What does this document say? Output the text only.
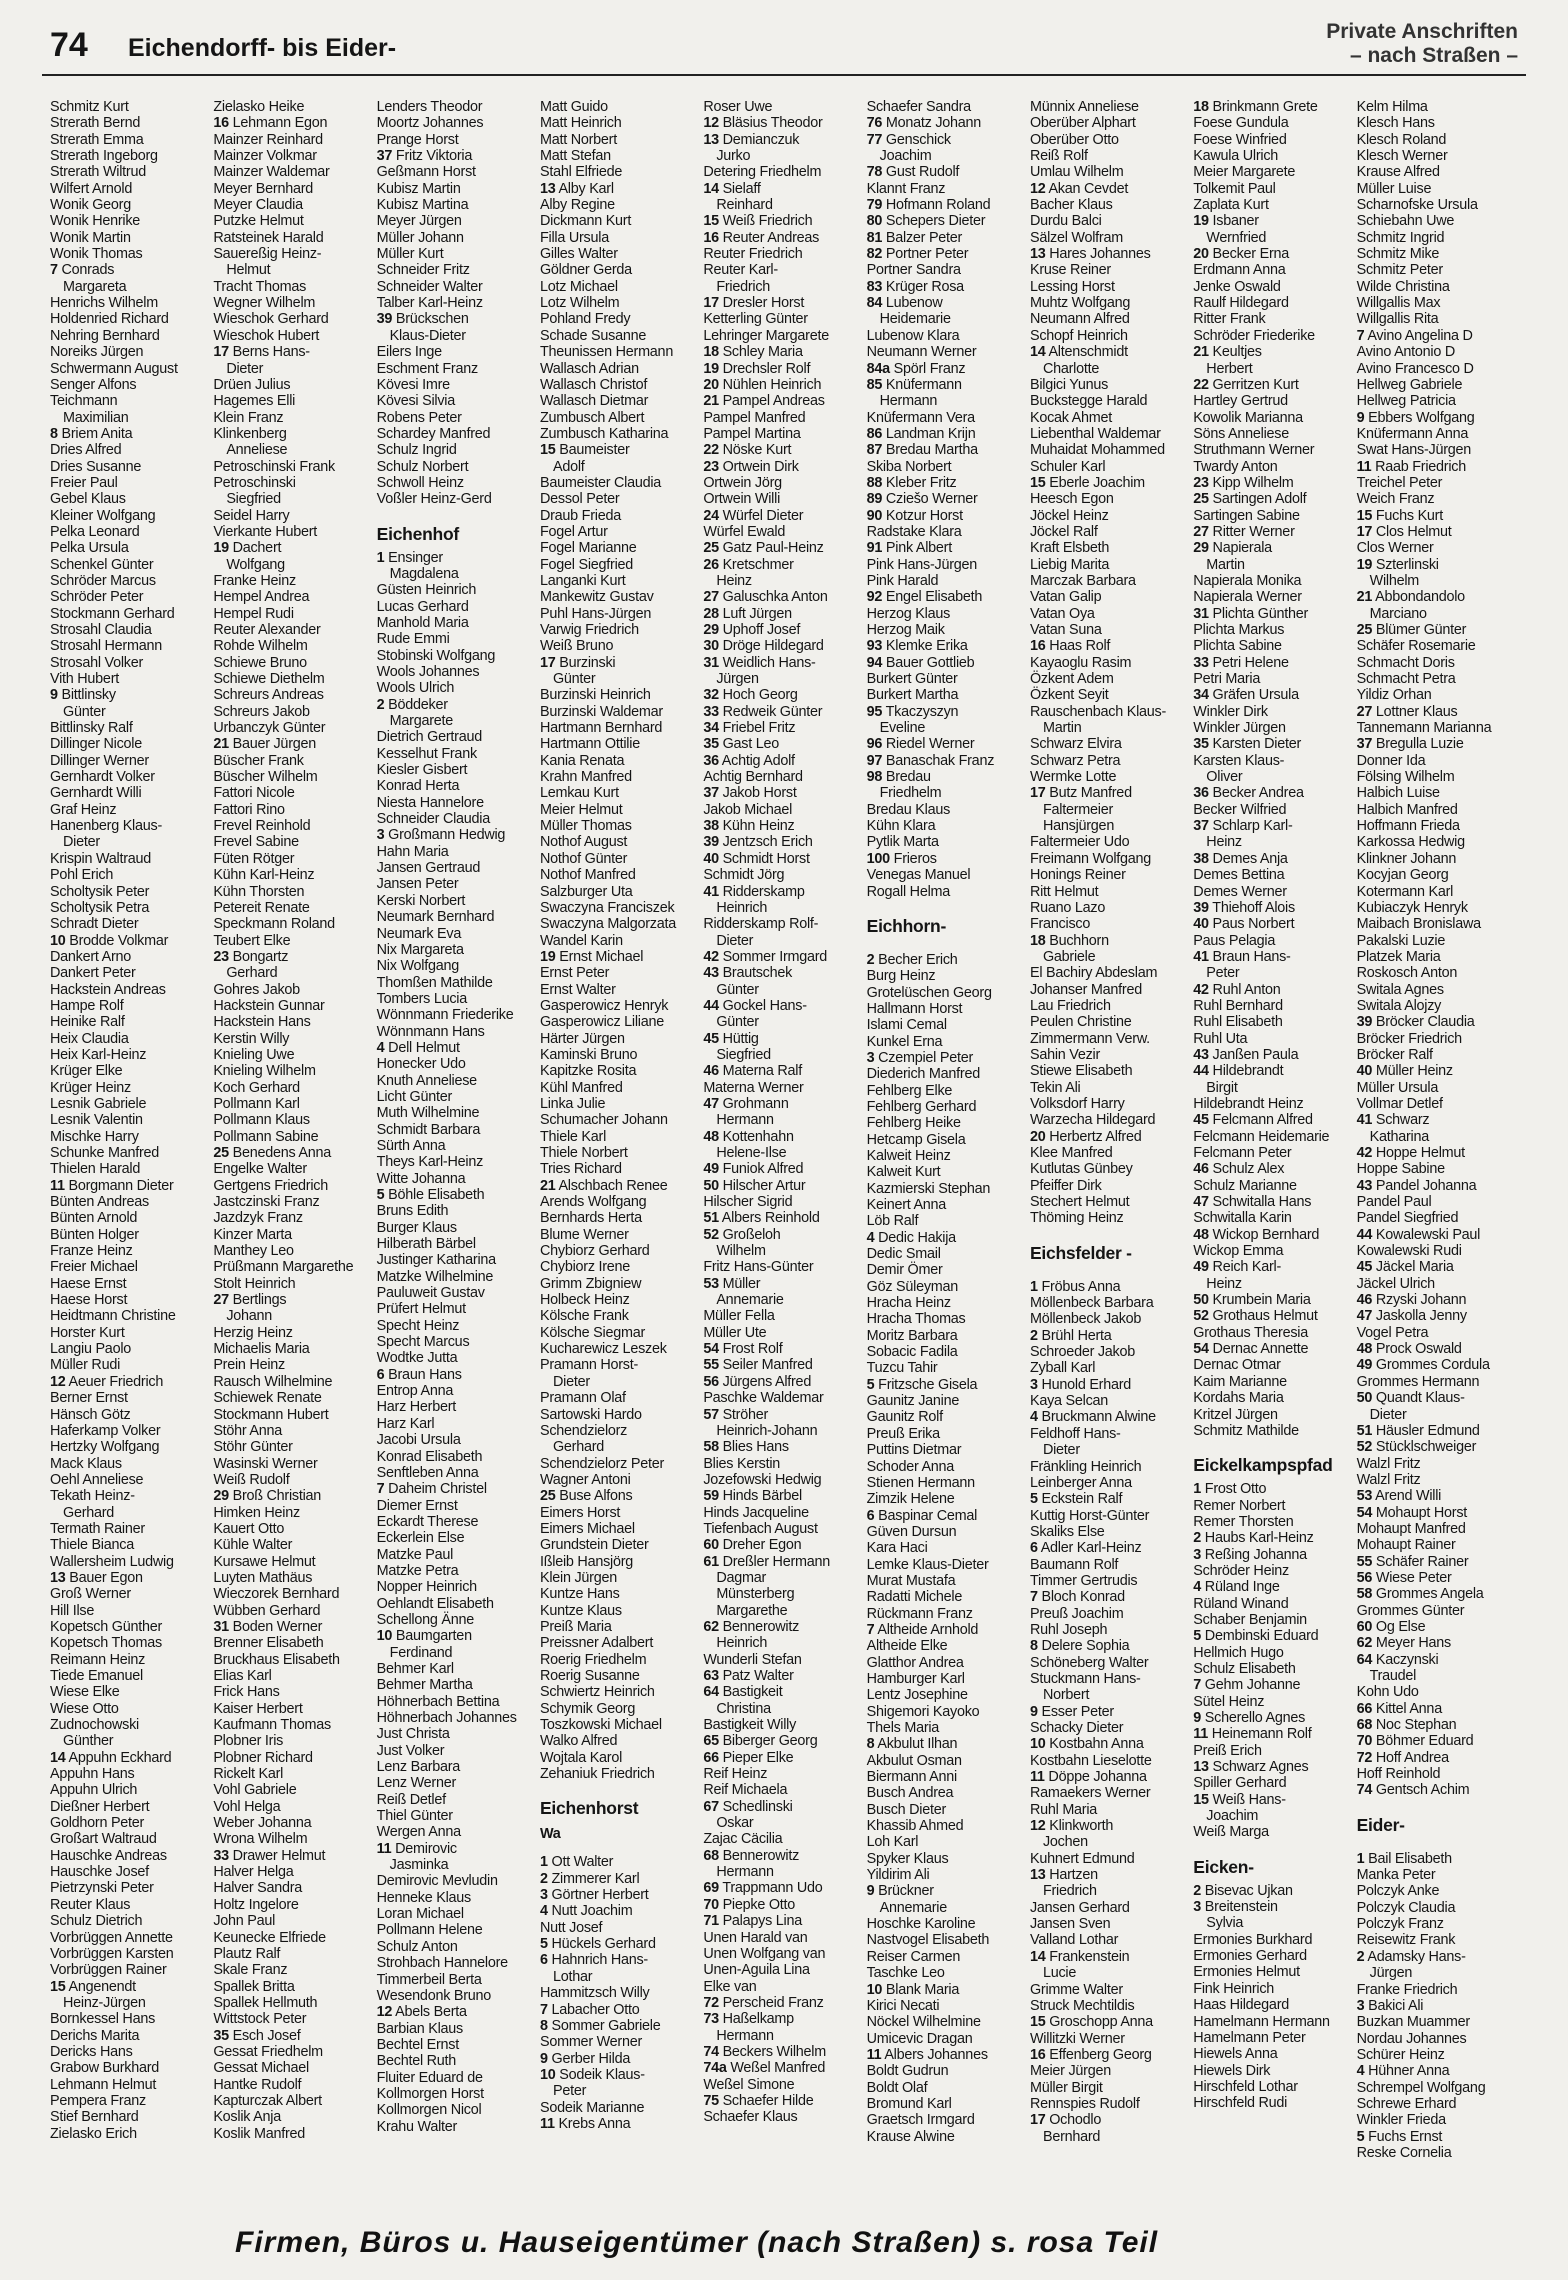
74 Eichendorff- bis Eider-
Private Anschriften
– nach Straßen –
Schmitz Kurt
Strerath Bernd
Strerath Emma
Strerath Ingeborg
Strerath Wiltrud
Wilfert Arnold
Wonik Georg
Wonik Henrike
Wonik Martin
Wonik Thomas
7 Conrads
Margareta
Henrichs Wilhelm
Holdenried Richard
Nehring Bernhard
Noreiks Jürgen
Schwermann August
Senger Alfons
Teichmann
Maximilian
8 Briem Anita
Dries Alfred
Dries Susanne
Freier Paul
Gebel Klaus
Kleiner Wolfgang
Pelka Leonard
Pelka Ursula
Schenkel Günter
Schröder Marcus
Schröder Peter
Stockmann Gerhard
Strosahl Claudia
Strosahl Hermann
Strosahl Volker
Vith Hubert
9 Bittlinsky
Günter
Bittlinsky Ralf
Dillinger Nicole
Dillinger Werner
Gernhardt Volker
Gernhardt Willi
Graf Heinz
Hanenberg Klaus-
Dieter
Krispin Waltraud
Pohl Erich
Scholtysik Peter
Scholtysik Petra
Schradt Dieter
10 Brodde Volkmar
Dankert Arno
Dankert Peter
Hackstein Andreas
Hampe Rolf
Heinike Ralf
Heix Claudia
Heix Karl-Heinz
Krüger Elke
Krüger Heinz
Lesnik Gabriele
Lesnik Valentin
Mischke Harry
Schunke Manfred
Thielen Harald
11 Borgmann Dieter
Bünten Andreas
Bünten Arnold
Bünten Holger
Franze Heinz
Freier Michael
Haese Ernst
Haese Horst
Heidtmann Christine
Horster Kurt
Langiu Paolo
Müller Rudi
12 Aeuer Friedrich
Berner Ernst
Hänsch Götz
Haferkamp Volker
Hertzky Wolfgang
Mack Klaus
Oehl Anneliese
Tekath Heinz-
Gerhard
Termath Rainer
Thiele Bianca
Wallersheim Ludwig
13 Bauer Egon
Groß Werner
Hill Ilse
Kopetsch Günther
Kopetsch Thomas
Reimann Heinz
Tiede Emanuel
Wiese Elke
Wiese Otto
Zudnochowski
Günther
14 Appuhn Eckhard
Appuhn Hans
Appuhn Ulrich
Dießner Herbert
Goldhorn Peter
Großart Waltraud
Hauschke Andreas
Hauschke Josef
Pietrzynski Peter
Reuter Klaus
Schulz Dietrich
Vorbrüggen Annette
Vorbrüggen Karsten
Vorbrüggen Rainer
15 Angenendt
Heinz-Jürgen
Bornkessel Hans
Derichs Marita
Dericks Hans
Grabow Burkhard
Lehmann Helmut
Pempera Franz
Stief Bernhard
Zielasko Erich
Zielasko Heike
16 Lehmann Egon
Mainzer Reinhard
Mainzer Volkmar
Mainzer Waldemar
Meyer Bernhard
Meyer Claudia
Putzke Helmut
Ratsteinek Harald
Sauereßig Heinz-
Helmut
Tracht Thomas
Wegner Wilhelm
Wieschok Gerhard
Wieschok Hubert
17 Berns Hans-
Dieter
Drüen Julius
Hagemes Elli
Klein Franz
Klinkenberg
Anneliese
Petroschinski Frank
Petroschinski
Siegfried
Seidel Harry
Vierkante Hubert
19 Dachert
Wolfgang
Franke Heinz
Hempel Andrea
Hempel Rudi
Reuter Alexander
Rohde Wilhelm
Schiewe Bruno
Schiewe Diethelm
Schreurs Andreas
Schreurs Jakob
Urbanczyk Günter
21 Bauer Jürgen
Büscher Frank
Büscher Wilhelm
Fattori Nicole
Fattori Rino
Frevel Reinhold
Frevel Sabine
Füten Rötger
Kühn Karl-Heinz
Kühn Thorsten
Petereit Renate
Speckmann Roland
Teubert Elke
23 Bongartz
Gerhard
Gohres Jakob
Hackstein Gunnar
Hackstein Hans
Kerstin Willy
Knieling Uwe
Knieling Wilhelm
Koch Gerhard
Pollmann Karl
Pollmann Klaus
Pollmann Sabine
25 Benedens Anna
Engelke Walter
Gertgens Friedrich
Jastczinski Franz
Jazdzyk Franz
Kinzer Marta
Manthey Leo
Prüßmann Margarethe
Stolt Heinrich
27 Bertlings
Johann
Herzig Heinz
Michaelis Maria
Prein Heinz
Rausch Wilhelmine
Schiewek Renate
Stockmann Hubert
Stöhr Anna
Stöhr Günter
Wasinski Werner
Weiß Rudolf
29 Broß Christian
Himken Heinz
Kauert Otto
Kühle Walter
Kursawe Helmut
Luyten Mathäus
Wieczorek Bernhard
Wübben Gerhard
31 Boden Werner
Brenner Elisabeth
Bruckhaus Elisabeth
Elias Karl
Frick Hans
Kaiser Herbert
Kaufmann Thomas
Plobner Iris
Plobner Richard
Rickelt Karl
Vohl Gabriele
Vohl Helga
Weber Johanna
Wrona Wilhelm
33 Drawer Helmut
Halver Helga
Halver Sandra
Holtz Ingelore
John Paul
Keunecke Elfriede
Plautz Ralf
Skale Franz
Spallek Britta
Spallek Hellmuth
Wittstock Peter
35 Esch Josef
Gessat Friedhelm
Gessat Michael
Hantke Rudolf
Kapturczak Albert
Koslik Anja
Koslik Manfred
Lenders Theodor
Moortz Johannes
Prange Horst
37 Fritz Viktoria
Geßmann Horst
Kubisz Martin
Kubisz Martina
Meyer Jürgen
Müller Johann
Müller Kurt
Schneider Fritz
Schneider Walter
Talber Karl-Heinz
39 Brückschen
Klaus-Dieter
Eilers Inge
Eschment Franz
Kövesi Imre
Kövesi Silvia
Robens Peter
Schardey Manfred
Schulz Ingrid
Schulz Norbert
Schwoll Heinz
Voßler Heinz-Gerd
Eichenhof
1 Ensinger
Magdalena
Güsten Heinrich
Lucas Gerhard
Manhold Maria
Rude Emmi
Stobinski Wolfgang
Wools Johannes
Wools Ulrich
2 Böddeker
Margarete
Dietrich Gertraud
Kesselhut Frank
Kiesler Gisbert
Konrad Herta
Niesta Hannelore
Schneider Claudia
3 Großmann Hedwig
Hahn Maria
Jansen Gertraud
Jansen Peter
Kerski Norbert
Neumark Bernhard
Neumark Eva
Nix Margareta
Nix Wolfgang
Thomßen Mathilde
Tombers Lucia
Wönnmann Friederike
Wönnmann Hans
4 Dell Helmut
Honecker Udo
Knuth Anneliese
Licht Günter
Muth Wilhelmine
Schmidt Barbara
Sürth Anna
Theys Karl-Heinz
Witte Johanna
5 Böhle Elisabeth
Bruns Edith
Burger Klaus
Hilberath Bärbel
Justinger Katharina
Matzke Wilhelmine
Pauluweit Gustav
Prüfert Helmut
Specht Heinz
Specht Marcus
Wodtke Jutta
6 Braun Hans
Entrop Anna
Harz Herbert
Harz Karl
Jacobi Ursula
Konrad Elisabeth
Senftleben Anna
7 Daheim Christel
Diemer Ernst
Eckardt Therese
Eckerlein Else
Matzke Paul
Matzke Petra
Nopper Heinrich
Oehlandt Elisabeth
Schellong Änne
10 Baumgarten
Ferdinand
Behmer Karl
Behmer Martha
Höhnerbach Bettina
Höhnerbach Johannes
Just Christa
Just Volker
Lenz Barbara
Lenz Werner
Reiß Detlef
Thiel Günter
Wergen Anna
11 Demirovic
Jasminka
Demirovic Mevludin
Henneke Klaus
Loran Michael
Pollmann Helene
Schulz Anton
Strohbach Hannelore
Timmerbeil Berta
Wesendonk Bruno
12 Abels Berta
Barbian Klaus
Bechtel Ernst
Bechtel Ruth
Fluiter Eduard de
Kollmorgen Horst
Kollmorgen Nicol
Krahu Walter
Matt Guido
Matt Heinrich
Matt Norbert
Matt Stefan
Stahl Elfriede
13 Alby Karl
Alby Regine
Dickmann Kurt
Filla Ursula
Gilles Walter
Göldner Gerda
Lotz Michael
Lotz Wilhelm
Pohland Fredy
Schade Susanne
Theunissen Hermann
Wallasch Adrian
Wallasch Christof
Wallasch Dietmar
Zumbusch Albert
Zumbusch Katharina
15 Baumeister
Adolf
Baumeister Claudia
Dessol Peter
Draub Frieda
Fogel Artur
Fogel Marianne
Fogel Siegfried
Langanki Kurt
Mankewitz Gustav
Puhl Hans-Jürgen
Varwig Friedrich
Weiß Bruno
17 Burzinski
Günter
Burzinski Heinrich
Burzinski Waldemar
Hartmann Bernhard
Hartmann Ottilie
Kania Renata
Krahn Manfred
Lemkau Kurt
Meier Helmut
Müller Thomas
Nothof August
Nothof Günter
Nothof Manfred
Salzburger Uta
Swaczyna Franciszek
Swaczyna Malgorzata
Wandel Karin
19 Ernst Michael
Ernst Peter
Ernst Walter
Gasperowicz Henryk
Gasperowicz Liliane
Härter Jürgen
Kaminski Bruno
Kapitzke Rosita
Kühl Manfred
Linka Julie
Schumacher Johann
Thiele Karl
Thiele Norbert
Tries Richard
21 Alschbach Renee
Arends Wolfgang
Bernhards Herta
Blume Werner
Chybiorz Gerhard
Chybiorz Irene
Grimm Zbigniew
Holbeck Heinz
Kölsche Frank
Kölsche Siegmar
Kucharewicz Leszek
Pramann Horst-
Dieter
Pramann Olaf
Sartowski Hardo
Schendzielorz
Gerhard
Schendzielorz Peter
Wagner Antoni
25 Buse Alfons
Eimers Horst
Eimers Michael
Grundstein Dieter
Ißleib Hansjörg
Klein Jürgen
Kuntze Hans
Kuntze Klaus
Preiß Maria
Preissner Adalbert
Roerig Friedhelm
Roerig Susanne
Schwiertz Heinrich
Schymik Georg
Toszkowski Michael
Walko Alfred
Wojtala Karol
Zehaniuk Friedrich
Eichenhorst
Wa
1 Ott Walter
2 Zimmerer Karl
3 Görtner Herbert
4 Nutt Joachim
Nutt Josef
5 Hückels Gerhard
6 Hahnrich Hans-
Lothar
Hammitzsch Willy
7 Labacher Otto
8 Sommer Gabriele
Sommer Werner
9 Gerber Hilda
10 Sodeik Klaus-
Peter
Sodeik Marianne
11 Krebs Anna
Roser Uwe
12 Bläsius Theodor
13 Demianczuk
Jurko
Detering Friedhelm
14 Sielaff
Reinhard
15 Weiß Friedrich
16 Reuter Andreas
Reuter Friedrich
Reuter Karl-
Friedrich
17 Dresler Horst
Ketterling Günter
Lehringer Margarete
18 Schley Maria
19 Drechsler Rolf
20 Nühlen Heinrich
21 Pampel Andreas
Pampel Manfred
Pampel Martina
22 Nöske Kurt
23 Ortwein Dirk
Ortwein Jörg
Ortwein Willi
24 Würfel Dieter
Würfel Ewald
25 Gatz Paul-Heinz
26 Kretschmer
Heinz
27 Galuschka Anton
28 Luft Jürgen
29 Uphoff Josef
30 Dröge Hildegard
31 Weidlich Hans-
Jürgen
32 Hoch Georg
33 Redweik Günter
34 Friebel Fritz
35 Gast Leo
36 Achtig Adolf
Achtig Bernhard
37 Jakob Horst
Jakob Michael
38 Kühn Heinz
39 Jentzsch Erich
40 Schmidt Horst
Schmidt Jörg
41 Ridderskamp
Heinrich
Ridderskamp Rolf-
Dieter
42 Sommer Irmgard
43 Brautschek
Günter
44 Gockel Hans-
Günter
45 Hüttig
Siegfried
46 Materna Ralf
Materna Werner
47 Grohmann
Hermann
48 Kottenhahn
Helene-Ilse
49 Funiok Alfred
50 Hilscher Artur
Hilscher Sigrid
51 Albers Reinhold
52 Großeloh
Wilhelm
Fritz Hans-Günter
53 Müller
Annemarie
Müller Fella
Müller Ute
54 Frost Rolf
55 Seiler Manfred
56 Jürgens Alfred
Paschke Waldemar
57 Ströher
Heinrich-Johann
58 Blies Hans
Blies Kerstin
Jozefowski Hedwig
59 Hinds Bärbel
Hinds Jacqueline
Tiefenbach August
60 Dreher Egon
61 Dreßler Hermann
Dagmar
Münsterberg
Margarethe
62 Bennerowitz
Heinrich
Wunderli Stefan
63 Patz Walter
64 Bastigkeit
Christina
Bastigkeit Willy
65 Biberger Georg
66 Pieper Elke
Reif Heinz
Reif Michaela
67 Schedlinski
Oskar
Zajac Cäcilia
68 Bennerowitz
Hermann
69 Trappmann Udo
70 Piepke Otto
71 Palapys Lina
Unen Harald van
Unen Wolfgang van
Unen-Aguila Lina
Elke van
72 Perscheid Franz
73 Haßelkamp
Hermann
74 Beckers Wilhelm
74a Weßel Manfred
Weßel Simone
75 Schaefer Hilde
Schaefer Klaus
Schaefer Sandra
76 Monatz Johann
77 Genschick
Joachim
78 Gust Rudolf
Klannt Franz
79 Hofmann Roland
80 Schepers Dieter
81 Balzer Peter
82 Portner Peter
Portner Sandra
83 Krüger Rosa
84 Lubenow
Heidemarie
Lubenow Klara
Neumann Werner
84a Spörl Franz
85 Knüfermann
Hermann
Knüfermann Vera
86 Landman Krijn
87 Bredau Martha
Skiba Norbert
88 Kleber Fritz
89 Cziešo Werner
90 Kotzur Horst
Radstake Klara
91 Pink Albert
Pink Hans-Jürgen
Pink Harald
92 Engel Elisabeth
Herzog Klaus
Herzog Maik
93 Klemke Erika
94 Bauer Gottlieb
Burkert Günter
Burkert Martha
95 Tkaczyszyn
Eveline
96 Riedel Werner
97 Banaschak Franz
98 Bredau
Friedhelm
Bredau Klaus
Kühn Klara
Pytlik Marta
100 Frieros
Venegas Manuel
Rogall Helma
Eichhorn-
2 Becher Erich
Burg Heinz
Grotelüschen Georg
Hallmann Horst
Islami Cemal
Kunkel Erna
3 Czempiel Peter
Diederich Manfred
Fehlberg Elke
Fehlberg Gerhard
Fehlberg Heike
Hetcamp Gisela
Kalweit Heinz
Kalweit Kurt
Kazmierski Stephan
Keinert Anna
Löb Ralf
4 Dedic Hakija
Dedic Smail
Demir Ömer
Göz Süleyman
Hracha Heinz
Hracha Thomas
Moritz Barbara
Sobacic Fadila
Tuzcu Tahir
5 Fritzsche Gisela
Gaunitz Janine
Gaunitz Rolf
Preuß Erika
Puttins Dietmar
Schoder Anna
Stienen Hermann
Zimzik Helene
6 Baspinar Cemal
Güven Dursun
Kara Haci
Lemke Klaus-Dieter
Murat Mustafa
Radatti Michele
Rückmann Franz
7 Altheide Arnhold
Altheide Elke
Glatthor Andrea
Hamburger Karl
Lentz Josephine
Shigemori Kayoko
Thels Maria
8 Akbulut Ilhan
Akbulut Osman
Biermann Anni
Busch Andrea
Busch Dieter
Khassib Ahmed
Loh Karl
Spyker Klaus
Yildirim Ali
9 Brückner
Annemarie
Hoschke Karoline
Nastvogel Elisabeth
Reiser Carmen
Taschke Leo
10 Blank Maria
Kirici Necati
Nöckel Wilhelmine
Umicevic Dragan
11 Albers Johannes
Boldt Gudrun
Boldt Olaf
Bromund Karl
Graetsch Irmgard
Krause Alwine
Münnix Anneliese
Oberüber Alphart
Oberüber Otto
Reiß Rolf
Umlau Wilhelm
12 Akan Cevdet
Bacher Klaus
Durdu Balci
Sälzel Wolfram
13 Hares Johannes
Kruse Reiner
Lessing Horst
Muhtz Wolfgang
Neumann Alfred
Schopf Heinrich
14 Altenschmidt
Charlotte
Bilgici Yunus
Buckstegge Harald
Kocak Ahmet
Liebenthal Waldemar
Muhaidat Mohammed
Schuler Karl
15 Eberle Joachim
Heesch Egon
Jöckel Heinz
Jöckel Ralf
Kraft Elsbeth
Liebig Marita
Marczak Barbara
Vatan Galip
Vatan Oya
Vatan Suna
16 Haas Rolf
Kayaoglu Rasim
Özkent Adem
Özkent Seyit
Rauschenbach Klaus-
Martin
Schwarz Elvira
Schwarz Petra
Wermke Lotte
17 Butz Manfred
Faltermeier
Hansjürgen
Faltermeier Udo
Freimann Wolfgang
Honings Reiner
Ritt Helmut
Ruano Lazo
Francisco
18 Buchhorn
Gabriele
El Bachiry Abdeslam
Johanser Manfred
Lau Friedrich
Peulen Christine
Zimmermann Verw.
Sahin Vezir
Stiewe Elisabeth
Tekin Ali
Volksdorf Harry
Warzecha Hildegard
20 Herbertz Alfred
Klee Manfred
Kutlutas Günbey
Pfeiffer Dirk
Stechert Helmut
Thöming Heinz
Eichsfelder -
1 Fröbus Anna
Möllenbeck Barbara
Möllenbeck Jakob
2 Brühl Herta
Schroeder Jakob
Zyball Karl
3 Hunold Erhard
Kaya Selcan
4 Bruckmann Alwine
Feldhoff Hans-
Dieter
Fränkling Heinrich
Leinberger Anna
5 Eckstein Ralf
Kuttig Horst-Günter
Skaliks Else
6 Adler Karl-Heinz
Baumann Rolf
Timmer Gertrudis
7 Bloch Konrad
Preuß Joachim
Ruhl Joseph
8 Delere Sophia
Schöneberg Walter
Stuckmann Hans-
Norbert
9 Esser Peter
Schacky Dieter
10 Kostbahn Anna
Kostbahn Lieselotte
11 Döppe Johanna
Ramaekers Werner
Ruhl Maria
12 Klinkworth
Jochen
Kuhnert Edmund
13 Hartzen
Friedrich
Jansen Gerhard
Jansen Sven
Valland Lothar
14 Frankenstein
Lucie
Grimme Walter
Struck Mechtildis
15 Groschopp Anna
Willitzki Werner
16 Effenberg Georg
Meier Jürgen
Müller Birgit
Rennspies Rudolf
17 Ochodlo
Bernhard
18 Brinkmann Grete
Foese Gundula
Foese Winfried
Kawula Ulrich
Meier Margarete
Tolkemit Paul
Zaplata Kurt
19 Isbaner
Wernfried
20 Becker Erna
Erdmann Anna
Jenke Oswald
Raulf Hildegard
Ritter Frank
Schröder Friederike
21 Keultjes
Herbert
22 Gerritzen Kurt
Hartley Gertrud
Kowolik Marianna
Söns Anneliese
Struthmann Werner
Twardy Anton
23 Kipp Wilhelm
25 Sartingen Adolf
Sartingen Sabine
27 Ritter Werner
29 Napierala
Martin
Napierala Monika
Napierala Werner
31 Plichta Günther
Plichta Markus
Plichta Sabine
33 Petri Helene
Petri Maria
34 Gräfen Ursula
Winkler Dirk
Winkler Jürgen
35 Karsten Dieter
Karsten Klaus-
Oliver
36 Becker Andrea
Becker Wilfried
37 Schlarp Karl-
Heinz
38 Demes Anja
Demes Bettina
Demes Werner
39 Thiehoff Alois
40 Paus Norbert
Paus Pelagia
41 Braun Hans-
Peter
42 Ruhl Anton
Ruhl Bernhard
Ruhl Elisabeth
Ruhl Uta
43 Janßen Paula
44 Hildebrandt
Birgit
Hildebrandt Heinz
45 Felcmann Alfred
Felcmann Heidemarie
Felcmann Peter
46 Schulz Alex
Schulz Marianne
47 Schwitalla Hans
Schwitalla Karin
48 Wickop Bernhard
Wickop Emma
49 Reich Karl-
Heinz
50 Krumbein Maria
52 Grothaus Helmut
Grothaus Theresia
54 Dernac Annette
Dernac Otmar
Kaim Marianne
Kordahs Maria
Kritzel Jürgen
Schmitz Mathilde
Eickelkampspfad
1 Frost Otto
Remer Norbert
Remer Thorsten
2 Haubs Karl-Heinz
3 Reßing Johanna
Schröder Heinz
4 Rüland Inge
Rüland Winand
Schaber Benjamin
5 Dembinski Eduard
Hellmich Hugo
Schulz Elisabeth
7 Gehm Johanne
Sütel Heinz
9 Scherello Agnes
11 Heinemann Rolf
Preiß Erich
13 Schwarz Agnes
Spiller Gerhard
15 Weiß Hans-
Joachim
Weiß Marga
Eicken-
2 Bisevac Ujkan
3 Breitenstein
Sylvia
Ermonies Burkhard
Ermonies Gerhard
Ermonies Helmut
Fink Heinrich
Haas Hildegard
Hamelmann Hermann
Hamelmann Peter
Hiewels Anna
Hiewels Dirk
Hirschfeld Lothar
Hirschfeld Rudi
Kelm Hilma
Klesch Hans
Klesch Roland
Klesch Werner
Krause Alfred
Müller Luise
Scharnofske Ursula
Schiebahn Uwe
Schmitz Ingrid
Schmitz Mike
Schmitz Peter
Wilde Christina
Willgallis Max
Willgallis Rita
7 Avino Angelina D
Avino Antonio D
Avino Francesco D
Hellweg Gabriele
Hellweg Patricia
9 Ebbers Wolfgang
Knüfermann Anna
Swat Hans-Jürgen
11 Raab Friedrich
Treichel Peter
Weich Franz
15 Fuchs Kurt
17 Clos Helmut
Clos Werner
19 Szterlinski
Wilhelm
21 Abbondandolo
Marciano
25 Blümer Günter
Schäfer Rosemarie
Schmacht Doris
Schmacht Petra
Yildiz Orhan
27 Lottner Klaus
Tannemann Marianna
37 Bregulla Luzie
Donner Ida
Fölsing Wilhelm
Halbich Luise
Halbich Manfred
Hoffmann Frieda
Karkossa Hedwig
Klinkner Johann
Kocyjan Georg
Kotermann Karl
Kubiaczyk Henryk
Maibach Bronislawa
Pakalski Luzie
Platzek Maria
Roskosch Anton
Switala Agnes
Switala Alojzy
39 Bröcker Claudia
Bröcker Friedrich
Bröcker Ralf
40 Müller Heinz
Müller Ursula
Vollmar Detlef
41 Schwarz
Katharina
42 Hoppe Helmut
Hoppe Sabine
43 Pandel Johanna
Pandel Paul
Pandel Siegfried
44 Kowalewski Paul
Kowalewski Rudi
45 Jäckel Maria
Jäckel Ulrich
46 Rzyski Johann
47 Jaskolla Jenny
Vogel Petra
48 Prock Oswald
49 Grommes Cordula
Grommes Hermann
50 Quandt Klaus-
Dieter
51 Häusler Edmund
52 Stücklschweiger
Walzl Fritz
Walzl Fritz
53 Arend Willi
54 Mohaupt Horst
Mohaupt Manfred
Mohaupt Rainer
55 Schäfer Rainer
56 Wiese Peter
58 Grommes Angela
Grommes Günter
60 Og Else
62 Meyer Hans
64 Kaczynski
Traudel
Kohn Udo
66 Kittel Anna
68 Noc Stephan
70 Böhmer Eduard
72 Hoff Andrea
Hoff Reinhold
74 Gentsch Achim
Eider-
1 Bail Elisabeth
Manka Peter
Polczyk Anke
Polczyk Claudia
Polczyk Franz
Reisewitz Frank
2 Adamsky Hans-
Jürgen
Franke Friedrich
3 Bakici Ali
Buzkan Muammer
Nordau Johannes
Schürer Heinz
4 Hühner Anna
Schrempel Wolfgang
Schrewe Erhard
Winkler Frieda
5 Fuchs Ernst
Reske Cornelia
Firmen, Büros u. Hauseigentümer (nach Straßen) s. rosa Teil
